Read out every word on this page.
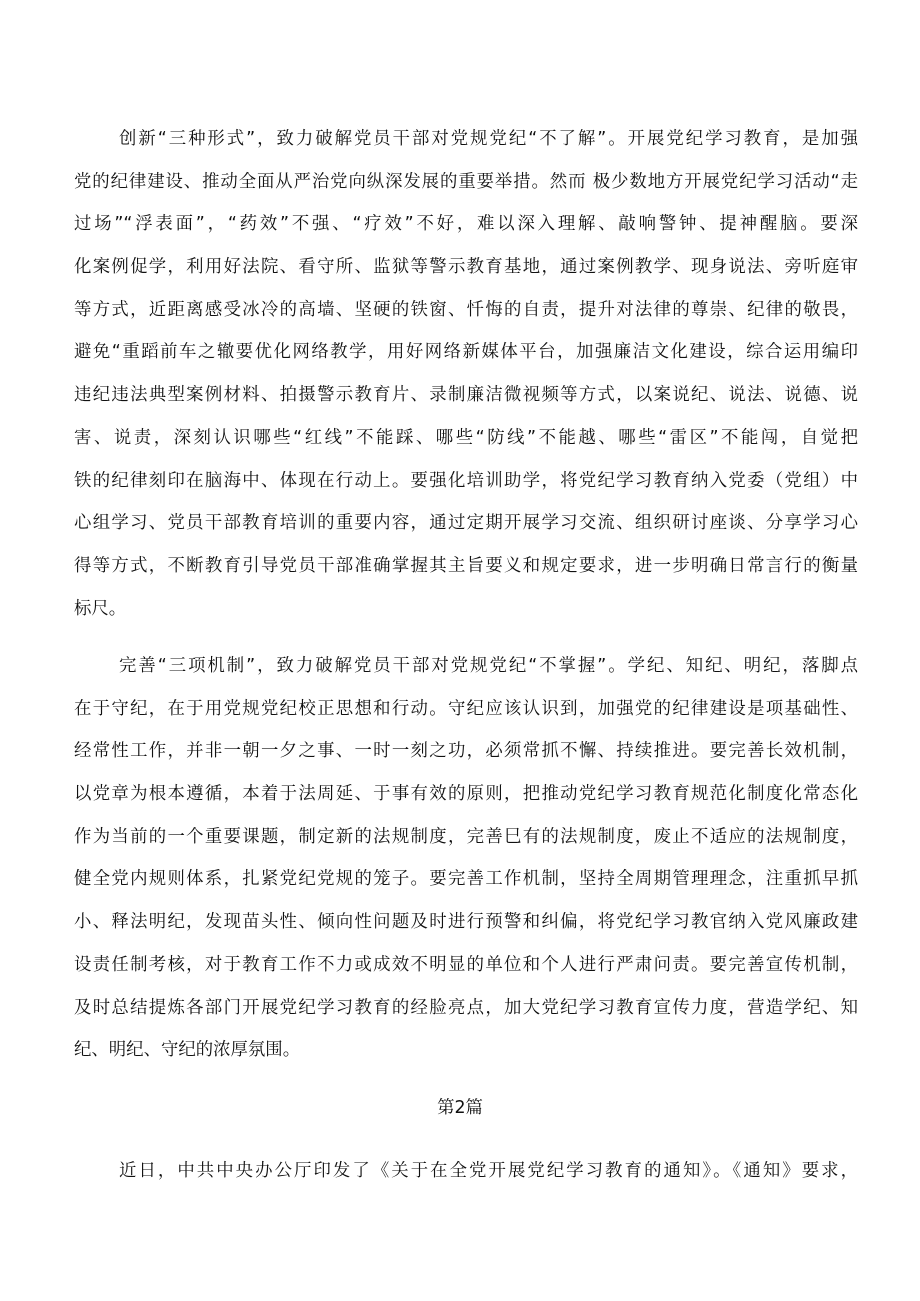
创新“三种形式”，致力破解党员干部对党规党纪“不了解”。开展党纪学习教育，是加强
党的纪律建设、推动全面从严治党向纵深发展的重要举措。然而 极少数地方开展党纪学习活动“走
过场”“浮表面”，“药效”不强、“疗效”不好，难以深入理解、敲响警钟、提神醒脑。要深
化案例促学，利用好法院、看守所、监狱等警示教育基地，通过案例教学、现身说法、旁听庭审
等方式，近距离感受冰冷的高墙、坚硬的铁窗、忏悔的自责，提升对法律的尊崇、纪律的敬畏，
避免“重蹈前车之辙要优化网络教学，用好网络新媒体平台，加强廉洁文化建设，综合运用编印
违纪违法典型案例材料、拍摄警示教育片、录制廉洁微视频等方式，以案说纪、说法、说德、说
害、说责，深刻认识哪些“红线”不能踩、哪些“防线”不能越、哪些“雷区”不能闯，自觉把
铁的纪律刻印在脑海中、体现在行动上。要强化培训助学，将党纪学习教育纳入党委（党组）中
心组学习、党员干部教育培训的重要内容，通过定期开展学习交流、组织研讨座谈、分享学习心
得等方式，不断教育引导党员干部准确掌握其主旨要义和规定要求，进一步明确日常言行的衡量
标尺。
完善“三项机制”，致力破解党员干部对党规党纪“不掌握”。学纪、知纪、明纪，落脚点
在于守纪，在于用党规党纪校正思想和行动。守纪应该认识到，加强党的纪律建设是项基础性、
经常性工作，并非一朝一夕之事、一时一刻之功，必须常抓不懈、持续推进。要完善长效机制，
以党章为根本遵循，本着于法周延、于事有效的原则，把推动党纪学习教育规范化制度化常态化
作为当前的一个重要课题，制定新的法规制度，完善巳有的法规制度，废止不适应的法规制度，
健全党内规则体系，扎紧党纪党规的笼子。要完善工作机制，坚持全周期管理理念，注重抓早抓
小、释法明纪，发现苗头性、倾向性问题及时进行预警和纠偏，将党纪学习教官纳入党风廉政建
设责任制考核，对于教育工作不力或成效不明显的单位和个人进行严肃问责。要完善宣传机制，
及时总结提炼各部门开展党纪学习教育的经脸亮点，加大党纪学习教育宣传力度，营造学纪、知
纪、明纪、守纪的浓厚氛围。
第2篇
近日，中共中央办公厅印发了《关于在全党开展党纪学习教育的通知》。《通知》要求，
